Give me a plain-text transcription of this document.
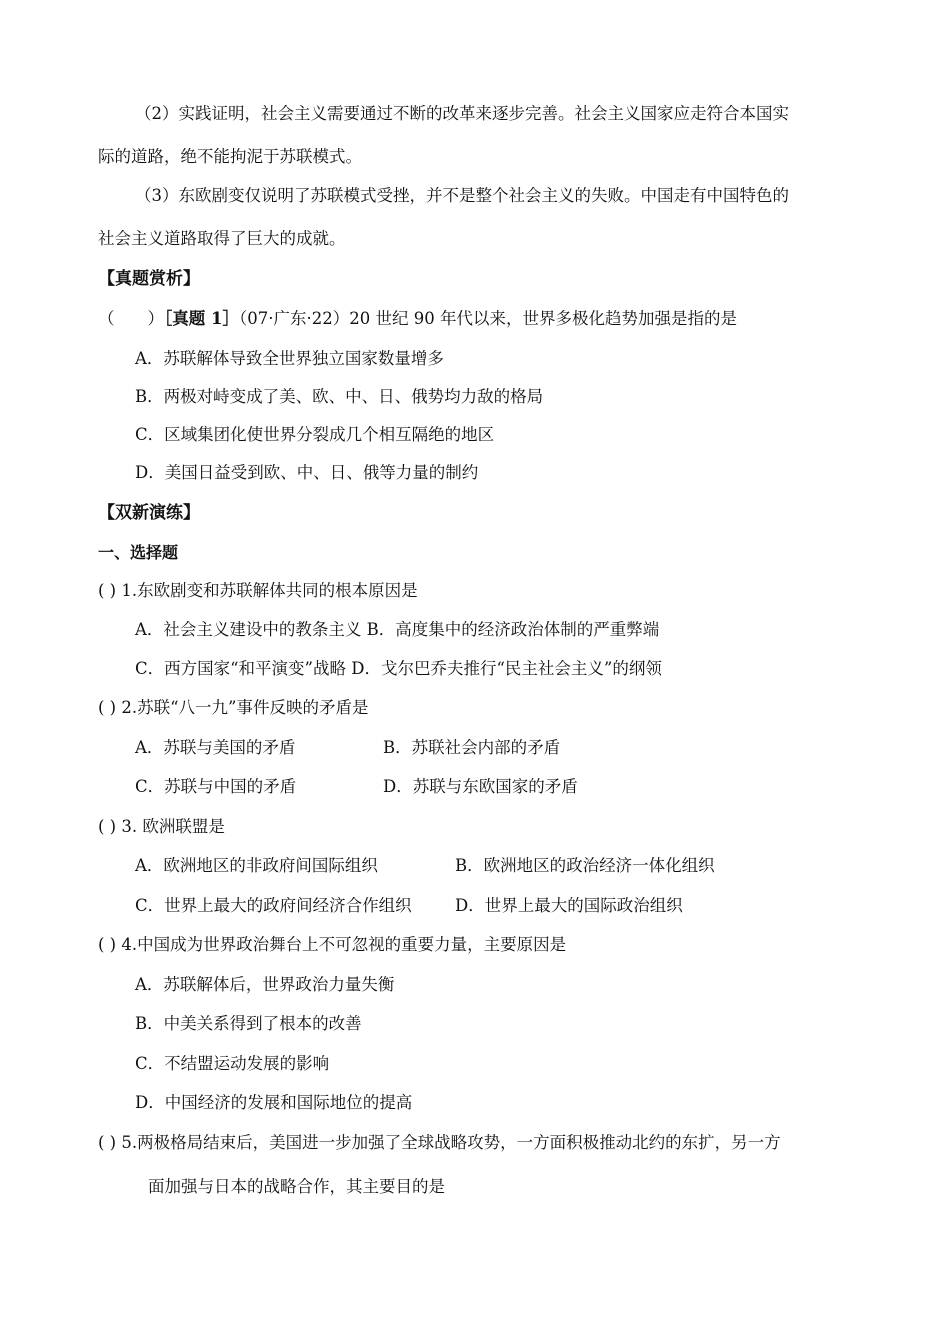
（2）实践证明，社会主义需要通过不断的改革来逐步完善。社会主义国家应走符合本国实
际的道路，绝不能拘泥于苏联模式。
（3）东欧剧变仅说明了苏联模式受挫，并不是整个社会主义的失败。中国走有中国特色的
社会主义道路取得了巨大的成就。
【真题赏析】
（　　）［真题 1］（07·广东·22）20 世纪 90 年代以来，世界多极化趋势加强是指的是
A．苏联解体导致全世界独立国家数量增多
B．两极对峙变成了美、欧、中、日、俄势均力敌的格局
C．区域集团化使世界分裂成几个相互隔绝的地区
D．美国日益受到欧、中、日、俄等力量的制约
【双新演练】
一、选择题
( ) 1.东欧剧变和苏联解体共同的根本原因是
A．社会主义建设中的教条主义 B．高度集中的经济政治体制的严重弊端
C．西方国家“和平演变”战略 D．戈尔巴乔夫推行“民主社会主义”的纲领
( ) 2.苏联“八一九”事件反映的矛盾是
A．苏联与美国的矛盾	B．苏联社会内部的矛盾
C．苏联与中国的矛盾	D．苏联与东欧国家的矛盾
( ) 3. 欧洲联盟是
A．欧洲地区的非政府间国际组织	B．欧洲地区的政治经济一体化组织
C．世界上最大的政府间经济合作组织	D．世界上最大的国际政治组织
( ) 4.中国成为世界政治舞台上不可忽视的重要力量，主要原因是
A．苏联解体后，世界政治力量失衡
B．中美关系得到了根本的改善
C．不结盟运动发展的影响
D．中国经济的发展和国际地位的提高
( ) 5.两极格局结束后，美国进一步加强了全球战略攻势，一方面积极推动北约的东扩，另一方
面加强与日本的战略合作，其主要目的是
